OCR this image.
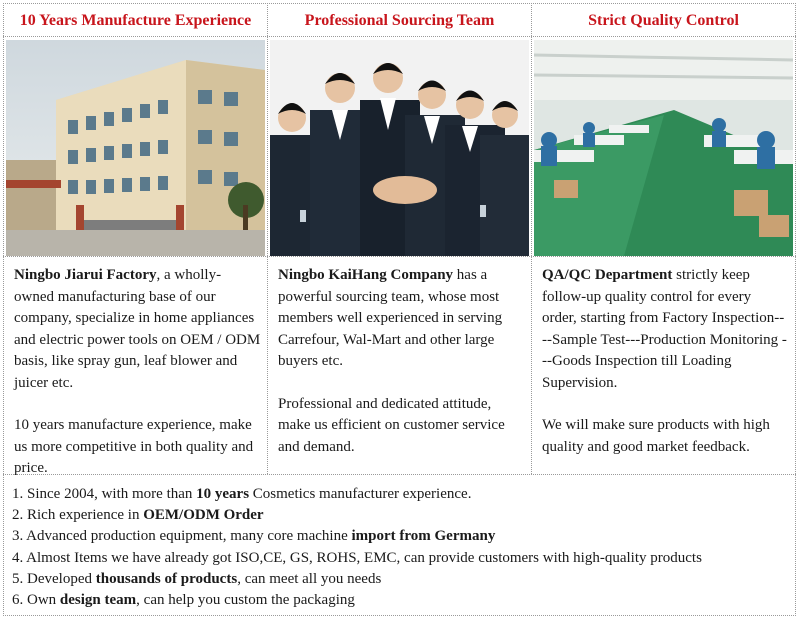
10 Years Manufacture Experience

Ningbo Jiarui Factory, a wholly-owned manufacturing base of our company, specialize in home appliances and electric power tools on OEM / ODM basis, like spray gun, leaf blower and juicer etc.

10 years manufacture experience, make us more competitive in both quality and price.

Professional Sourcing Team

Ningbo KaiHang Company has a powerful sourcing team, whose most members well experienced in serving Carrefour, Wal-Mart and other large buyers etc.

Professional and dedicated attitude, make us efficient on customer service and demand.

Strict Quality Control

QA/QC Department strictly keep follow-up quality control for every order, starting from Factory Inspection----Sample Test---Production Monitoring ---Goods Inspection till Loading Supervision.

We will make sure products with high quality and good market feedback.

1. Since 2004, with more than 10 years Cosmetics manufacturer experience.
2. Rich experience in OEM/ODM Order
3. Advanced production equipment, many core machine import from Germany
4. Almost Items we have already got ISO,CE, GS, ROHS, EMC, can provide customers with high-quality products
5. Developed thousands of products, can meet all you needs
6. Own design team, can help you custom the packaging
